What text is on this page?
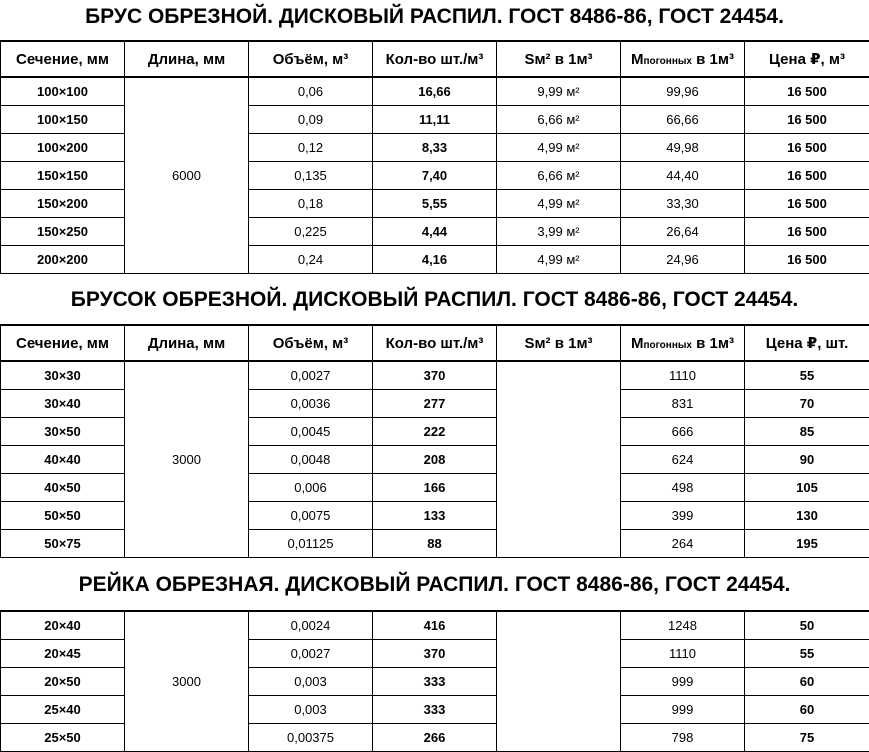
БРУС ОБРЕЗНОЙ. ДИСКОВЫЙ РАСПИЛ. ГОСТ 8486-86, ГОСТ 24454.
Сечение, мм	Длина, мм	Объём, м³	Кол-во шт./м³	Sм² в 1м³	Мпогонных в 1м³	Цена ₽, м³
100×100	6000	0,06	16,66	9,99 м²	99,96	16 500
100×150		0,09	11,11	6,66 м²	66,66	16 500
100×200		0,12	8,33	4,99 м²	49,98	16 500
150×150		0,135	7,40	6,66 м²	44,40	16 500
150×200		0,18	5,55	4,99 м²	33,30	16 500
150×250		0,225	4,44	3,99 м²	26,64	16 500
200×200		0,24	4,16	4,99 м²	24,96	16 500
БРУСОК ОБРЕЗНОЙ. ДИСКОВЫЙ РАСПИЛ. ГОСТ 8486-86, ГОСТ 24454.
Сечение, мм	Длина, мм	Объём, м³	Кол-во шт./м³	Sм² в 1м³	Мпогонных в 1м³	Цена ₽, шт.
30×30	3000	0,0027	370		1110	55
30×40		0,0036	277		831	70
30×50		0,0045	222		666	85
40×40		0,0048	208		624	90
40×50		0,006	166		498	105
50×50		0,0075	133		399	130
50×75		0,01125	88		264	195
РЕЙКА ОБРЕЗНАЯ. ДИСКОВЫЙ РАСПИЛ. ГОСТ 8486-86, ГОСТ 24454.
20×40	3000	0,0024	416		1248	50
20×45		0,0027	370		1110	55
20×50		0,003	333		999	60
25×40		0,003	333		999	60
25×50		0,00375	266		798	75
